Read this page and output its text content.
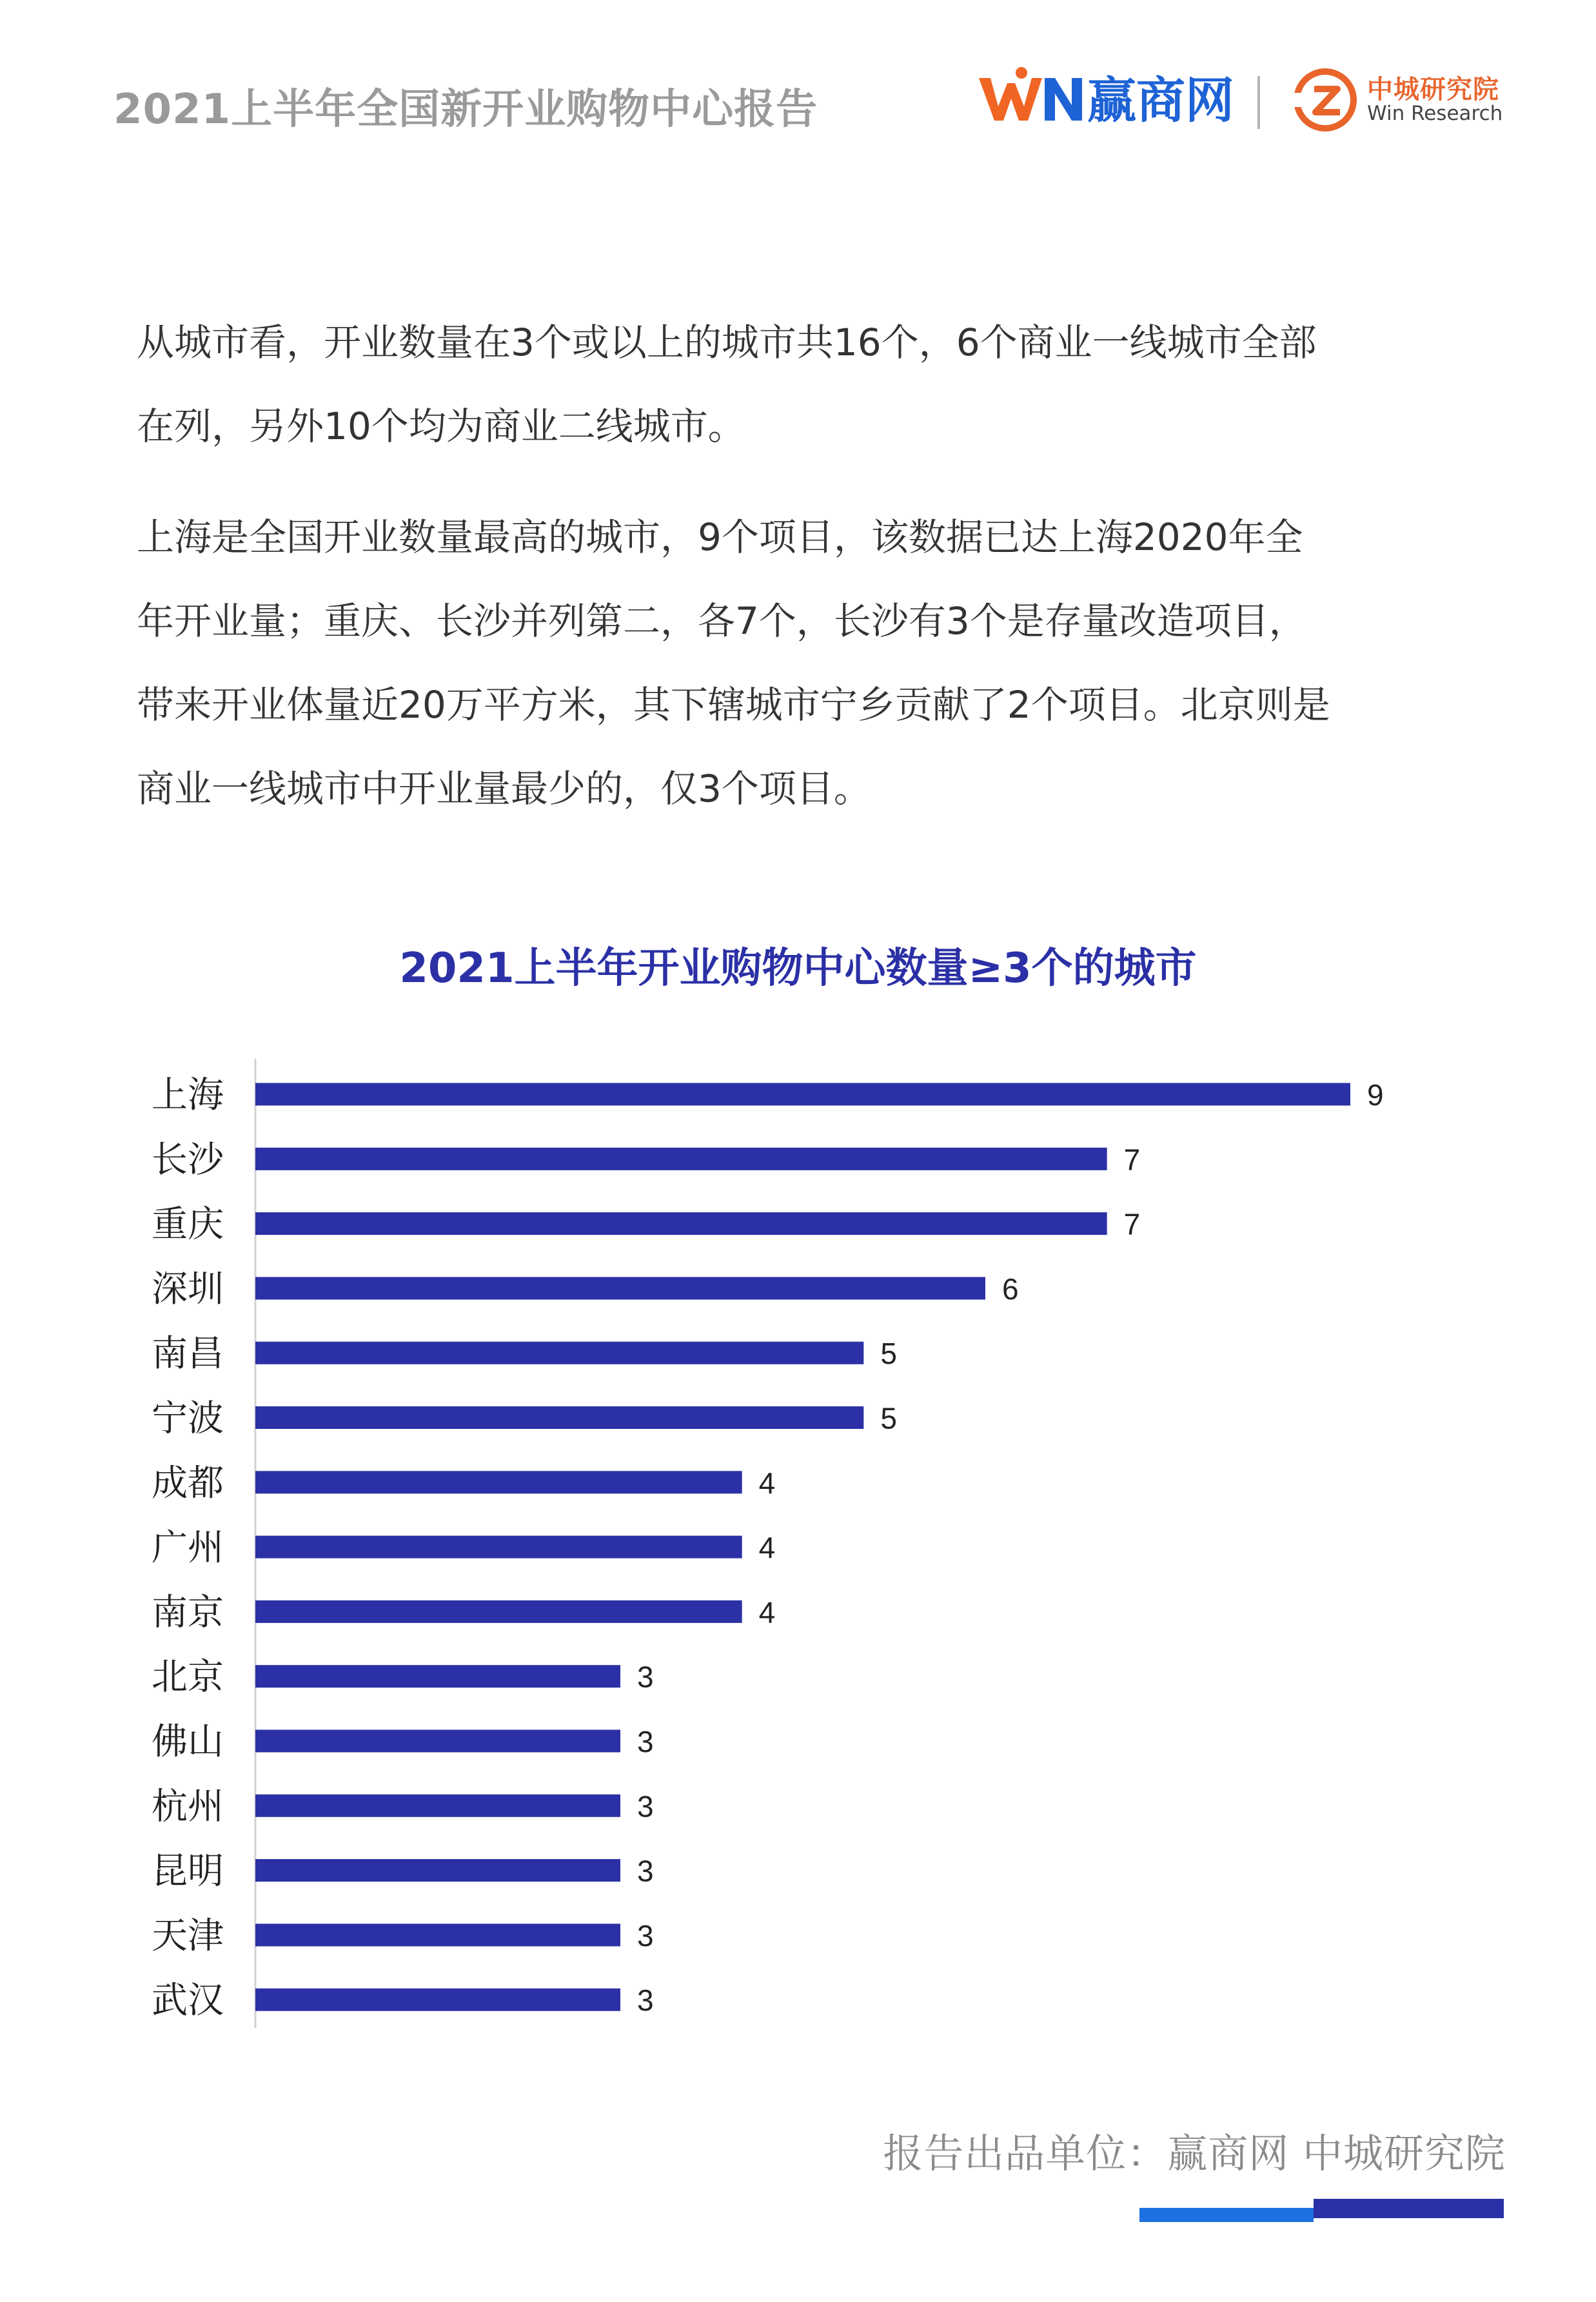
2021上半年全国新开业购物中心报告	赢商网	中城研究院
Win Research
从城市看，开业数量在3个或以上的城市共16个，6个商业一线城市全部
在列，另外10个均为商业二线城市。
上海是全国开业数量最高的城市，9个项目，该数据已达上海2020年全
年开业量；重庆、长沙并列第二，各7个，长沙有3个是存量改造项目，
带来开业体量近20万平方米，其下辖城市宁乡贡献了2个项目。北京则是
商业一线城市中开业量最少的，仅3个项目。
2021上半年开业购物中心数量≥3个的城市
上海	9
长沙	7
重庆	7
深圳	6
南昌	5
宁波	5
成都	4
广州	4
南京	4
北京	3
佛山	3
杭州	3
昆明	3
天津	3
武汉	3
报告出品单位：赢商网 中城研究院
